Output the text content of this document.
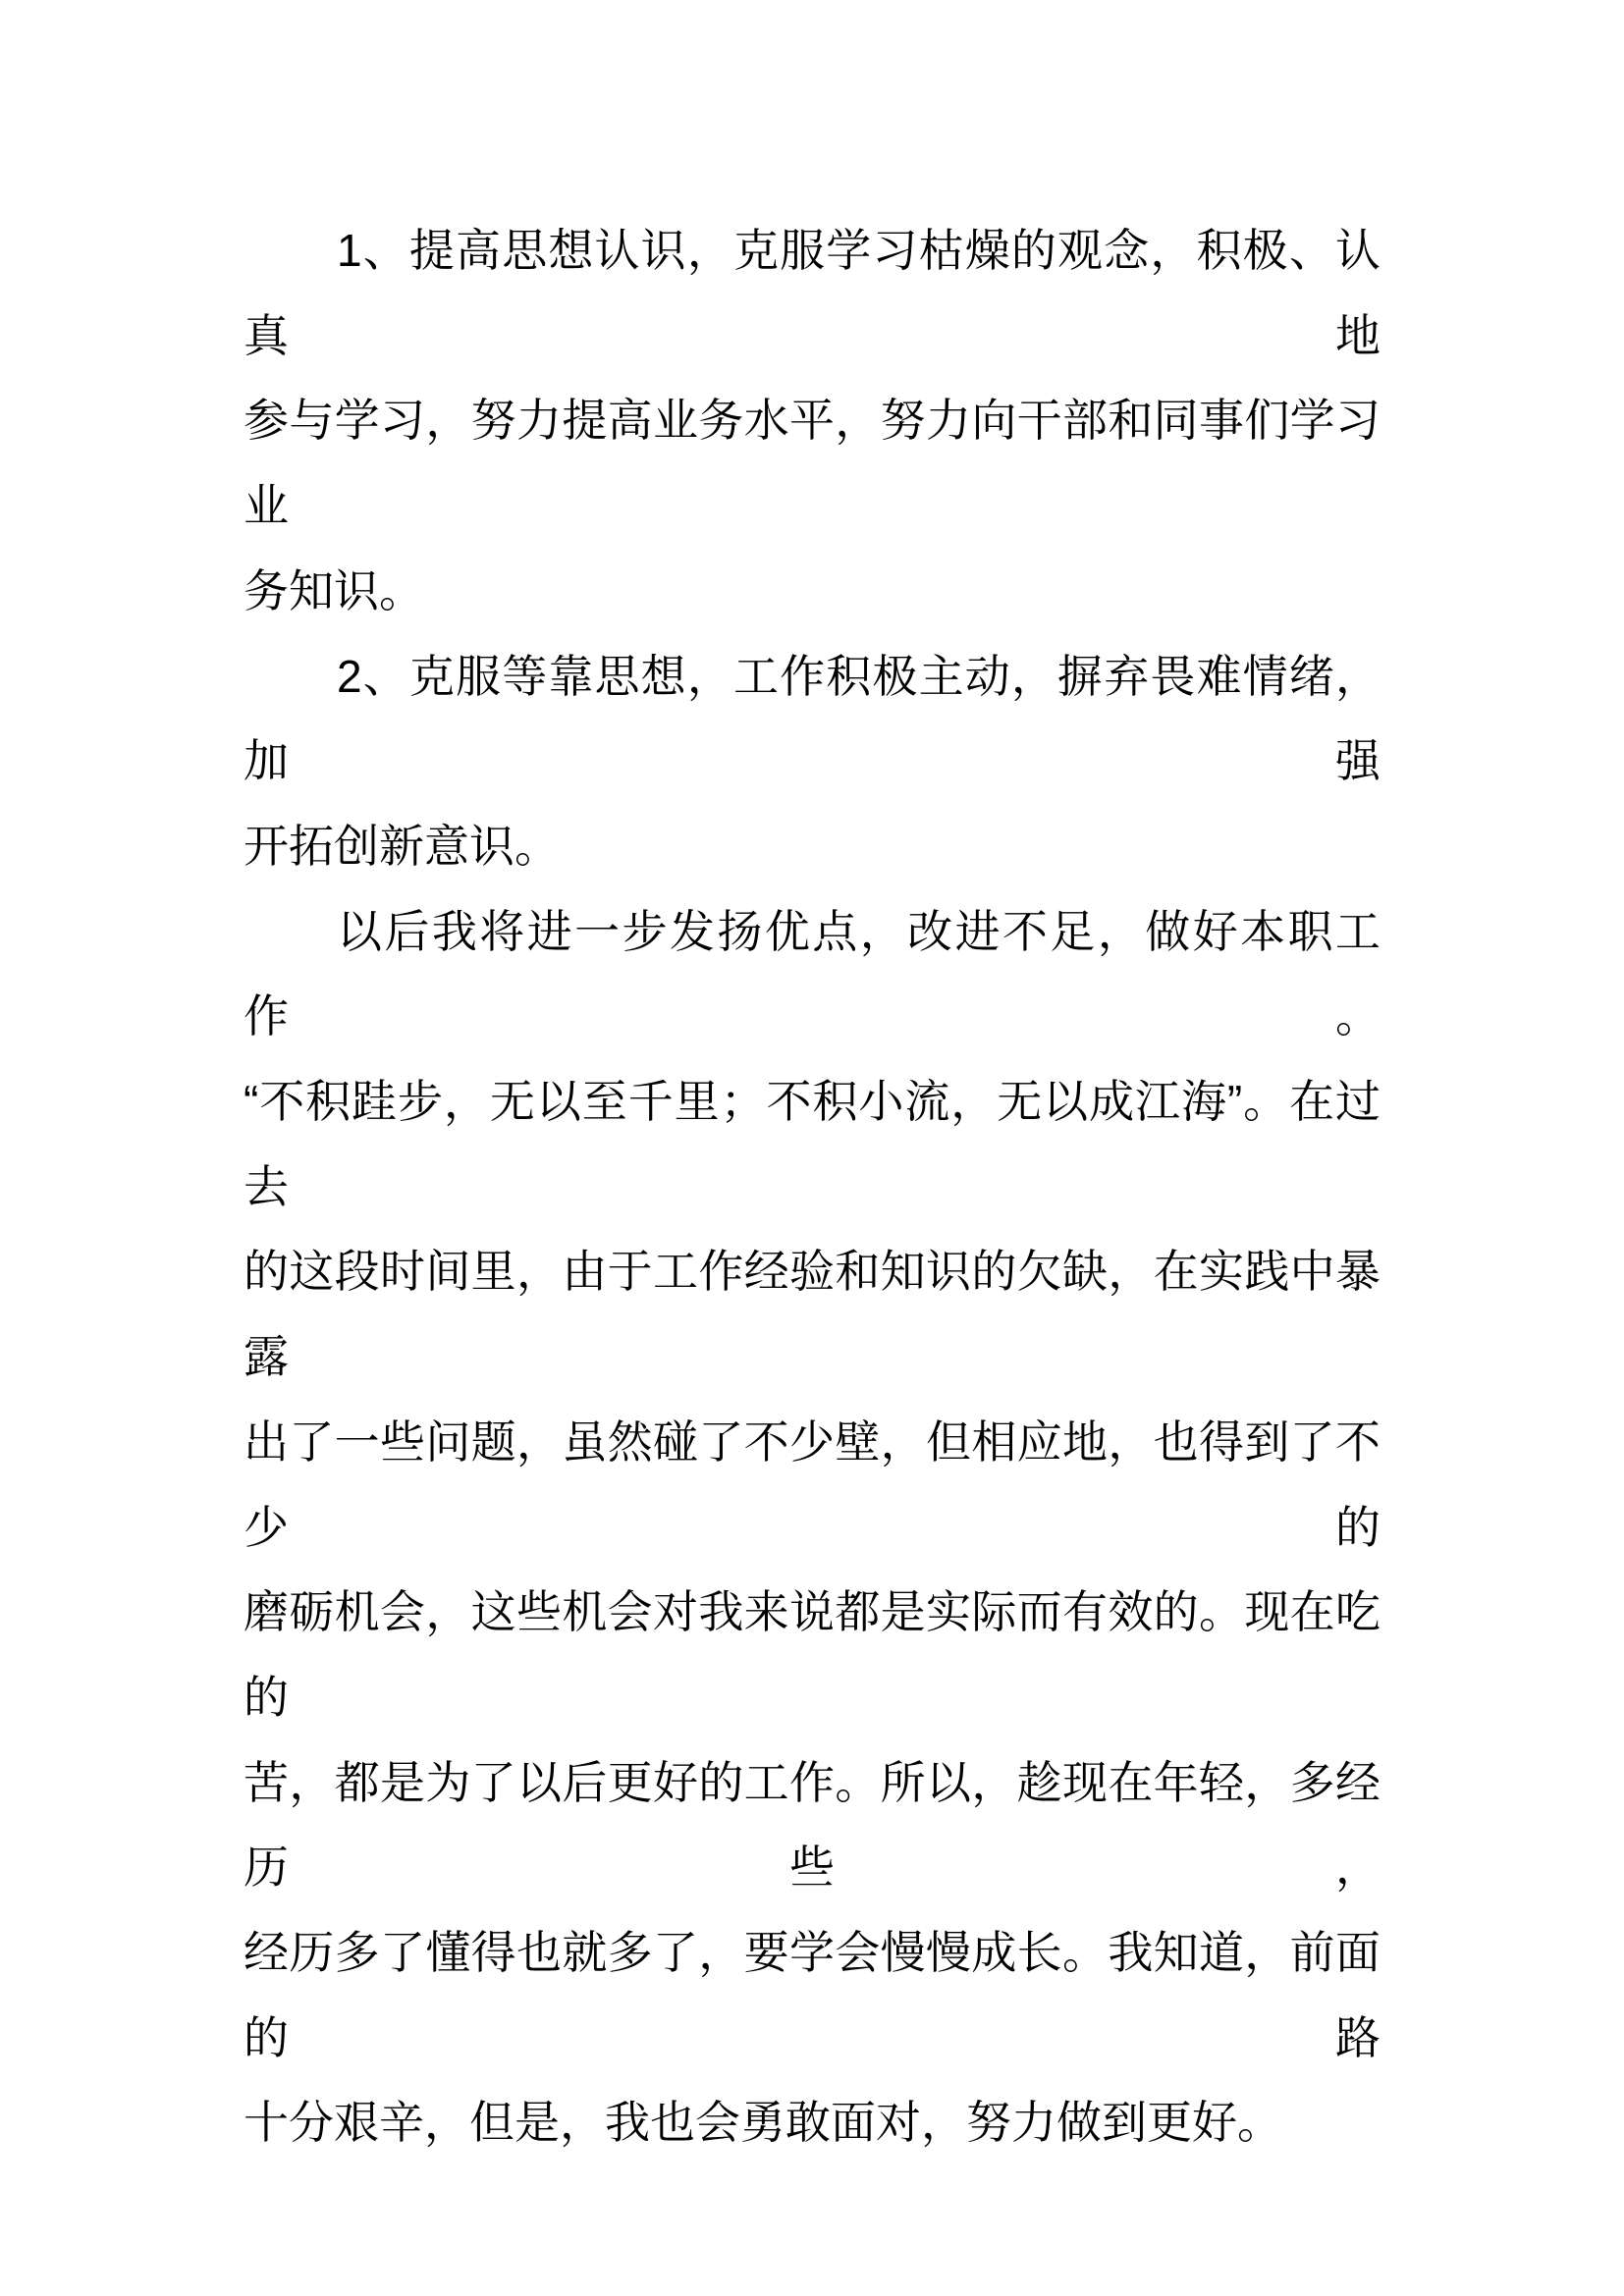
1、提高思想认识，克服学习枯燥的观念，积极、认真地
参与学习，努力提高业务水平，努力向干部和同事们学习业
务知识。
2、克服等靠思想，工作积极主动，摒弃畏难情绪，加强
开拓创新意识。
以后我将进一步发扬优点，改进不足，做好本职工作。
“不积跬步，无以至千里；不积小流，无以成江海”。在过去
的这段时间里，由于工作经验和知识的欠缺，在实践中暴露
出了一些问题，虽然碰了不少壁，但相应地，也得到了不少的
磨砺机会，这些机会对我来说都是实际而有效的。现在吃的
苦，都是为了以后更好的工作。所以，趁现在年轻，多经历些，
经历多了懂得也就多了，要学会慢慢成长。我知道，前面的路
十分艰辛，但是，我也会勇敢面对，努力做到更好。
